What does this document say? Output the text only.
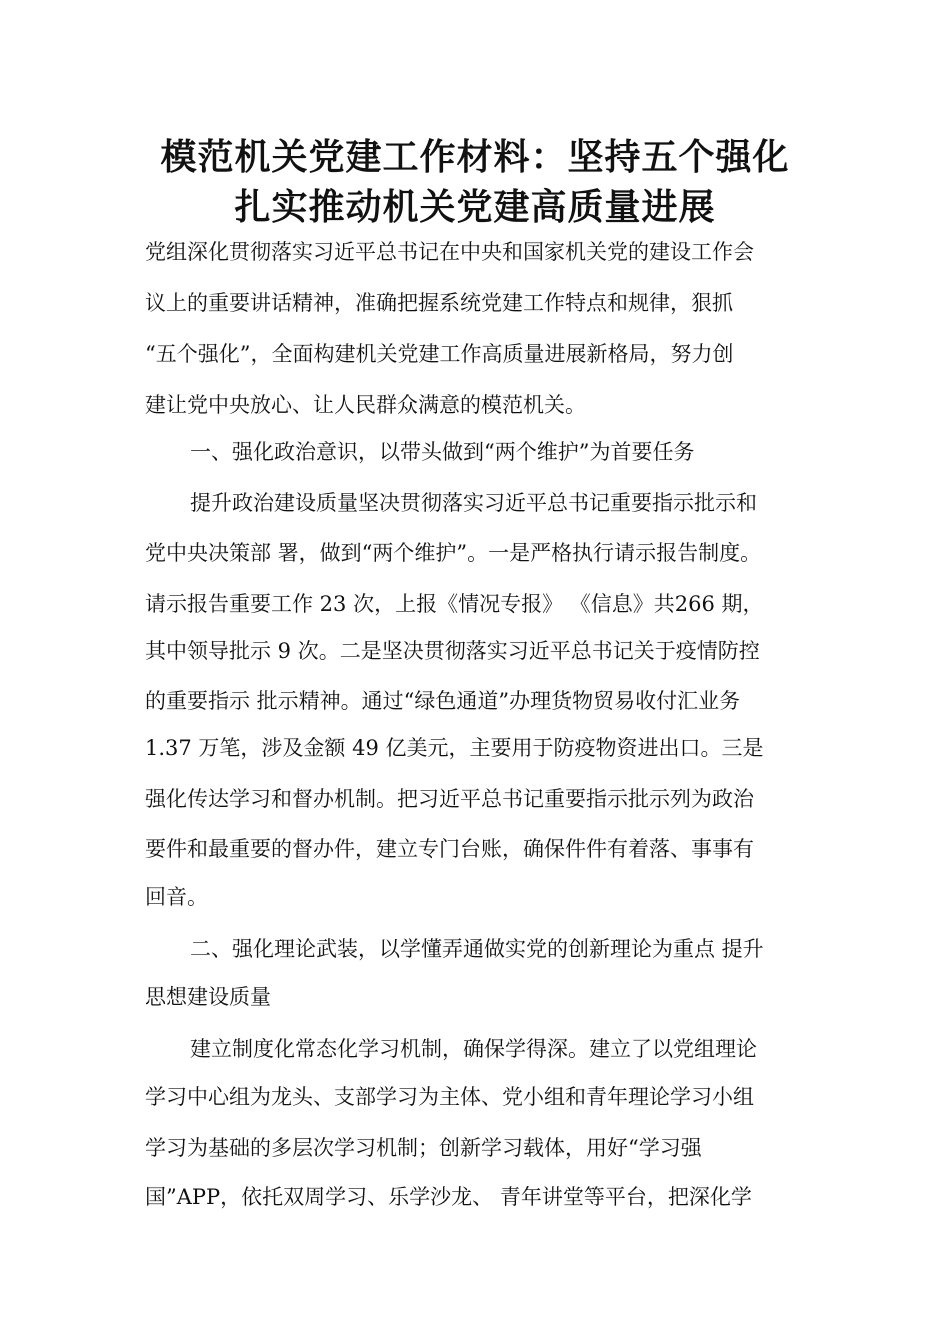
模范机关党建工作材料：坚持五个强化
扎实推动机关党建高质量进展
党组深化贯彻落实习近平总书记在中央和国家机关党的建设工作会
议上的重要讲话精神，准确把握系统党建工作特点和规律，狠抓
“五个强化”，全面构建机关党建工作高质量进展新格局，努力创
建让党中央放心、让人民群众满意的模范机关。
一、强化政治意识，以带头做到“两个维护”为首要任务
提升政治建设质量坚决贯彻落实习近平总书记重要指示批示和
党中央决策部 署，做到“两个维护”。一是严格执行请示报告制度。
请示报告重要工作 23 次，上报《情况专报》 《信息》共266 期，
其中领导批示 9 次。二是坚决贯彻落实习近平总书记关于疫情防控
的重要指示 批示精神。通过“绿色通道”办理货物贸易收付汇业务
1.37 万笔，涉及金额 49 亿美元，主要用于防疫物资进出口。三是
强化传达学习和督办机制。把习近平总书记重要指示批示列为政治
要件和最重要的督办件，建立专门台账，确保件件有着落、事事有
回音。
二、强化理论武装，以学懂弄通做实党的创新理论为重点 提升
思想建设质量
建立制度化常态化学习机制，确保学得深。建立了以党组理论
学习中心组为龙头、支部学习为主体、党小组和青年理论学习小组
学习为基础的多层次学习机制；创新学习载体，用好“学习强
国”APP，依托双周学习、乐学沙龙、 青年讲堂等平台，把深化学
